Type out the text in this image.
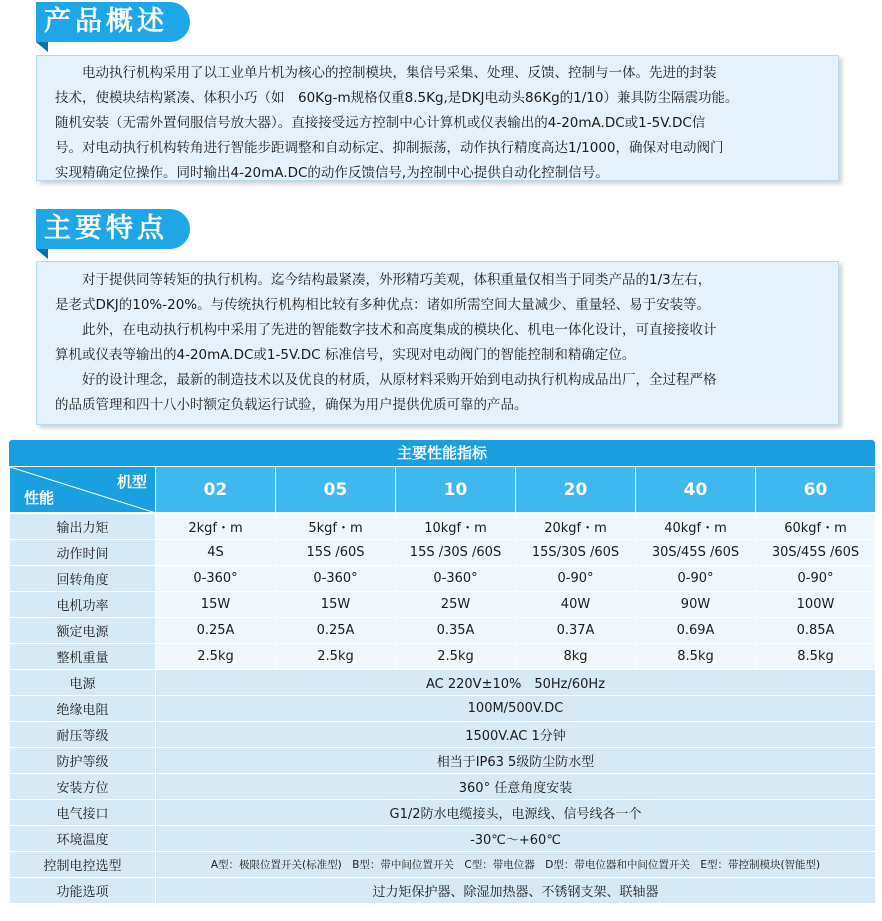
产品概述

电动执行机构采用了以工业单片机为核心的控制模块，集信号采集、处理、反馈、控制与一体。先进的封装

技术，使模块结构紧凑、体积小巧（如　60Kg-m规格仅重8.5Kg,是DKJ电动头86Kg的1/10）兼具防尘隔震功能。
随机安装（无需外置伺服信号放大器）。直接接受远方控制中心计算机或仪表输出的4-20mA.DC或1-5V.DC信
号。对电动执行机构转角进行智能步距调整和自动标定、抑制振荡，动作执行精度高达1/1000，确保对电动阀门
实现精确定位操作。同时输出4-20mA.DC的动作反馈信号,为控制中心提供自动化控制信号。
主要特点

对于提供同等转矩的执行机构。迄今结构最紧凑，外形精巧美观，体积重量仅相当于同类产品的1/3左右，

是老式DKJ的10%-20%。与传统执行机构相比较有多种优点：诸如所需空间大量减少、重量轻、易于安装等。

此外，在电动执行机构中采用了先进的智能数字技术和高度集成的模块化、机电一体化设计，可直接接收计

算机或仪表等输出的4-20mA.DC或1-5V.DC 标准信号，实现对电动阀门的智能控制和精确定位。

好的设计理念，最新的制造技术以及优良的材质，从原材料采购开始到电动执行机构成品出厂，全过程严格

的品质管理和四十八小时额定负载运行试验，确保为用户提供优质可靠的产品。
主要性能指标
机型
性能	02	05	10	20	40	60
输出力矩	2kgf・m	5kgf・m	10kgf・m	20kgf・m	40kgf・m	60kgf・m
动作时间	4S	15S /60S	15S /30S /60S	15S/30S /60S	30S/45S /60S	30S/45S /60S
回转角度	0-360°	0-360°	0-360°	0-90°	0-90°	0-90°
电机功率	15W	15W	25W	40W	90W	100W
额定电源	0.25A	0.25A	0.35A	0.37A	0.69A	0.85A
整机重量	2.5kg	2.5kg	2.5kg	8kg	8.5kg	8.5kg
电源	AC 220V±10%　50Hz/60Hz					
绝缘电阻	100M/500V.DC					
耐压等级	1500V.AC 1分钟					
防护等级	相当于IP63 5级防尘防水型					
安装方位	360° 任意角度安装					
电气接口	G1/2防水电缆接头，电源线、信号线各一个					
环境温度	-30℃～+60℃					
控制电控选型	A型：极限位置开关(标准型)　B型：带中间位置开关　C型：带电位器　D型：带电位器和中间位置开关　E型：带控制模块(智能型)					
功能选项	过力矩保护器、除湿加热器、不锈钢支架、联轴器					
